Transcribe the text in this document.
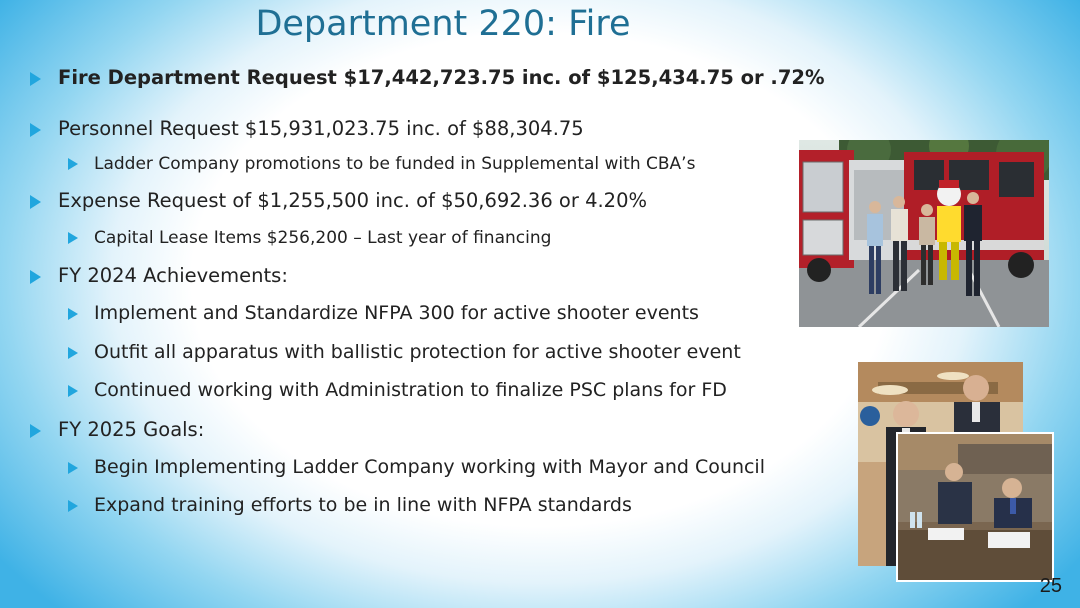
Department 220: Fire
Fire Department Request $17,442,723.75 inc. of $125,434.75 or .72%
Personnel Request $15,931,023.75 inc. of $88,304.75
Ladder Company promotions to be funded in Supplemental with CBA’s
Expense Request of $1,255,500 inc. of $50,692.36 or 4.20%
Capital Lease Items $256,200 – Last year of financing
FY 2024 Achievements:
Implement and Standardize NFPA 300 for active shooter events
Outfit all apparatus with ballistic protection for active shooter event
Continued working with Administration to finalize PSC plans for FD
FY 2025 Goals:
Begin Implementing Ladder Company working with Mayor and Council
Expand training efforts to be in line with NFPA standards
25
